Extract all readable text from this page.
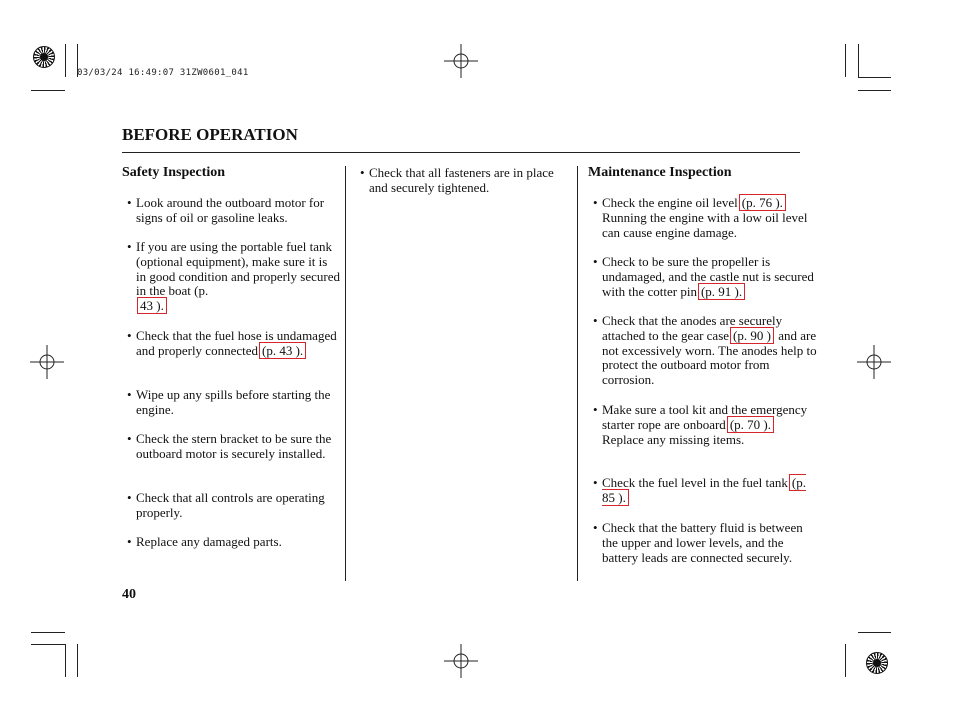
03/03/24 16:49:07 31ZW0601_041
BEFORE OPERATION
Safety Inspection
• Look around the outboard motor for signs of oil or gasoline leaks.
• If you are using the portable fuel tank (optional equipment), make sure it is in good condition and properly secured in the boat (p.
43 ).
• Check that the fuel hose is undamaged and properly connected (p. 43 ).
• Wipe up any spills before starting the engine.
• Check the stern bracket to be sure the outboard motor is securely installed.
• Check that all controls are operating properly.
• Replace any damaged parts.
• Check that all fasteners are in place and securely tightened.
Maintenance Inspection
• Check the engine oil level (p. 76 ). Running the engine with a low oil level can cause engine damage.
• Check to be sure the propeller is undamaged, and the castle nut is secured with the cotter pin (p. 91 ).
• Check that the anodes are securely attached to the gear case (p. 90 ) and are not excessively worn. The anodes help to protect the outboard motor from corrosion.
• Make sure a tool kit and the emergency starter rope are onboard (p. 70 ). Replace any missing items.
• Check the fuel level in the fuel tank (p. 85 ).
• Check that the battery fluid is between the upper and lower levels, and the battery leads are connected securely.
40
